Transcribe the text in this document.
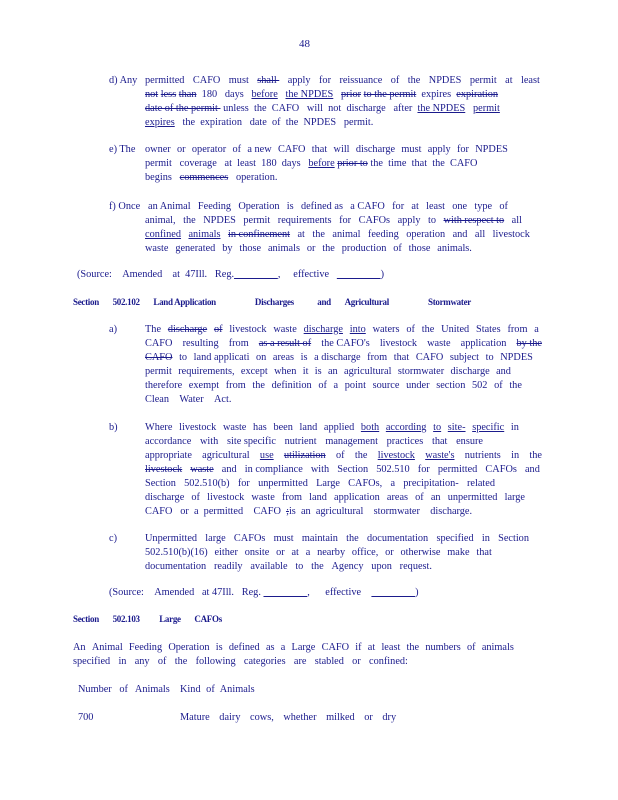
48
d) Any permitted CAFO must shall apply for reissuance of the NPDES permit at least
not less than 180 days before the NPDES prior to the permit expires expiration
date of the permit  unless the CAFO will not discharge after the NPDES permit
expires the expiration date of the NPDES permit.
e) The owner or operator of a new CAFO that will discharge must apply for NPDES
permit coverage at least 180 days before prior to the time that the CAFO
begins commences operation.
f) Once an Animal Feeding Operation is defined as a CAFO for at least one type of
animal, the NPDES permit requirements for CAFOs apply to with respect to all
confined animals in confinement at the animal feeding operation and all livestock
waste generated by those animals or the production of those animals.
(Source: Amended at 47Ill. Reg.	, effective	)
Section 502.102 Land Application	Discharges	and Agricultural	Stormwater
a)	The discharge of livestock waste discharge into waters of the United States from a
CAFO resulting from as a result of the CAFO's livestock waste application by the
CAFO to land applicati on areas is a discharge from that CAFO subject to NPDES
permit requirements, except when it is an agricultural stormwater discharge and
therefore exempt from the definition of a point source under section 502 of the
Clean Water Act.
b)	Where livestock waste has been land applied both according to site- specific in
accordance with site specific nutrient management practices that ensure
appropriate agricultural use utilization of the livestock waste's nutrients in the
livestock waste and in compliance with Section 502.510 for permitted CAFOs and
Section 502.510(b) for unpermitted Large CAFOs, a precipitation- related
discharge of livestock waste from land application areas of an unpermitted large
CAFO or a permitted CAFO ;is an agricultural stormwater discharge.
c)	Unpermitted large CAFOs must maintain the documentation specified in Section
502.510(b)(16) either onsite or at a nearby office, or otherwise make that
documentation readily available to the Agency upon request.
(Source: Amended at 47Ill. Reg.	, effective	)
Section 502.103 Large CAFOs
An Animal Feeding Operation is defined as a Large CAFO if at least the numbers of animals
specified in any of the following categories are stabled or confined:
Number of Animals Kind of Animals
700	Mature dairy cows, whether milked or dry
